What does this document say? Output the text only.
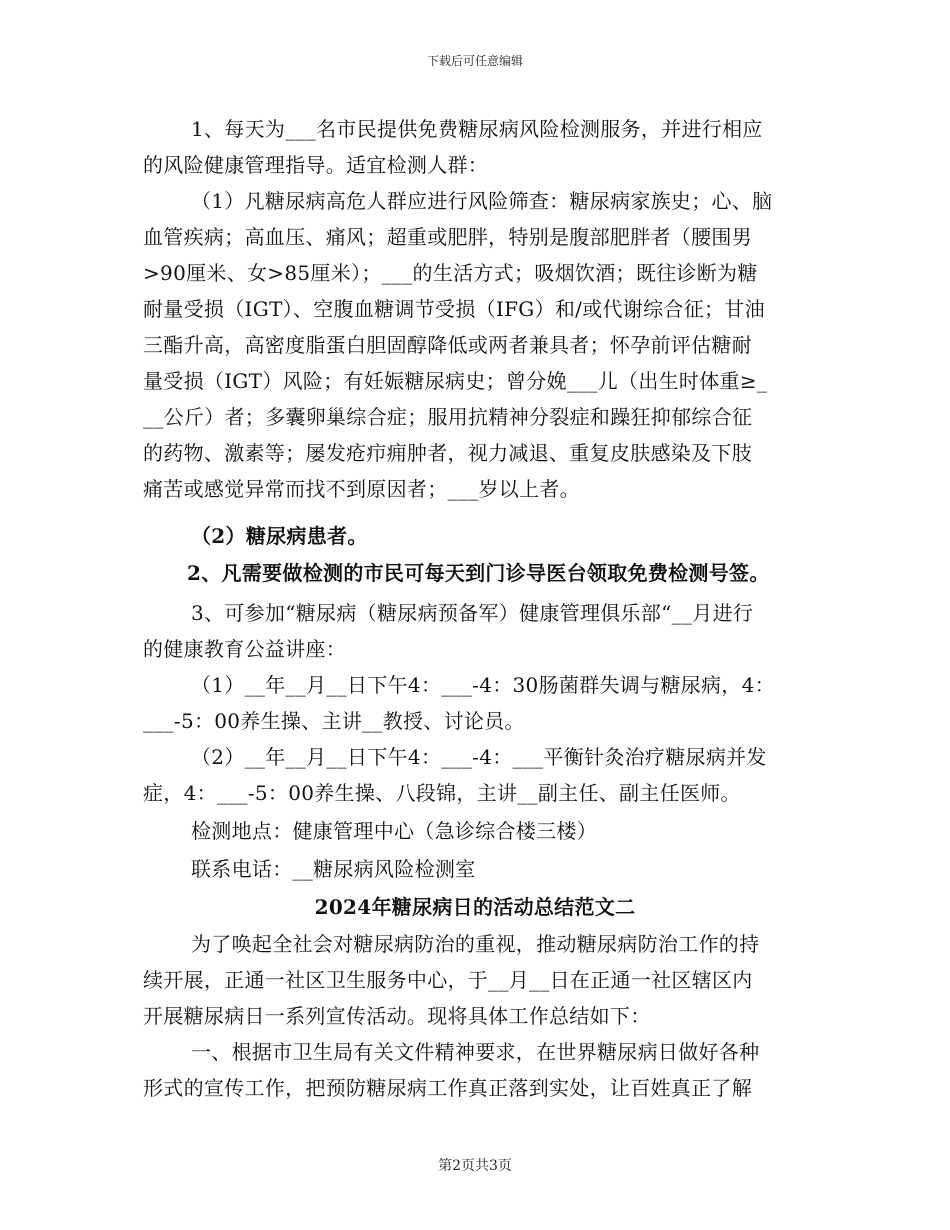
下载后可任意编辑
1、每天为___名市民提供免费糖尿病风险检测服务，并进行相应
的风险健康管理指导。适宜检测人群：
（1）凡糖尿病高危人群应进行风险筛查：糖尿病家族史；心、脑
血管疾病；高血压、痛风；超重或肥胖，特别是腹部肥胖者（腰围男
>90厘米、女>85厘米）；___的生活方式；吸烟饮酒；既往诊断为糖
耐量受损（IGT）、空腹血糖调节受损（IFG）和/或代谢综合征；甘油
三酯升高，高密度脂蛋白胆固醇降低或两者兼具者；怀孕前评估糖耐
量受损（IGT）风险；有妊娠糖尿病史；曾分娩___儿（出生时体重≥_
__公斤）者；多囊卵巢综合症；服用抗精神分裂症和躁狂抑郁综合征
的药物、激素等；屡发疮疖痈肿者，视力减退、重复皮肤感染及下肢
痛苦或感觉异常而找不到原因者；___岁以上者。
（2）糖尿病患者。
2、凡需要做检测的市民可每天到门诊导医台领取免费检测号签。
3、可参加“糖尿病（糖尿病预备军）健康管理俱乐部“__月进行
的健康教育公益讲座：
（1）__年__月__日下午4：___-4：30肠菌群失调与糖尿病，4：
___-5：00养生操、主讲__教授、讨论员。
（2）__年__月__日下午4：___-4：___平衡针灸治疗糖尿病并发
症，4：___-5：00养生操、八段锦，主讲__副主任、副主任医师。
检测地点：健康管理中心（急诊综合楼三楼）
联系电话：__糖尿病风险检测室
2024年糖尿病日的活动总结范文二
为了唤起全社会对糖尿病防治的重视，推动糖尿病防治工作的持
续开展，正通一社区卫生服务中心，于__月__日在正通一社区辖区内
开展糖尿病日一系列宣传活动。现将具体工作总结如下：
一、根据市卫生局有关文件精神要求，在世界糖尿病日做好各种
形式的宣传工作，把预防糖尿病工作真正落到实处，让百姓真正了解
第2页共3页
